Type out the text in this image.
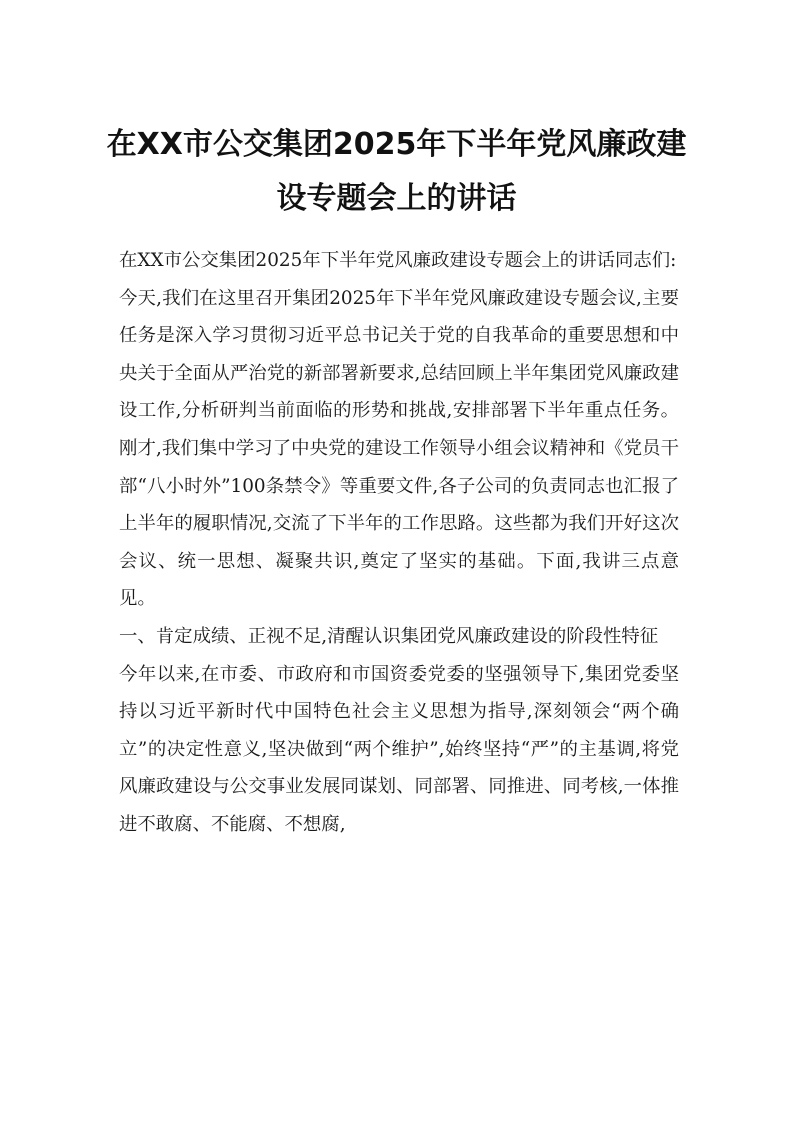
在XX市公交集团2025年下半年党风廉政建设专题会上的讲话

在XX市公交集团2025年下半年党风廉政建设专题会上的讲话同志们:

今天,我们在这里召开集团2025年下半年党风廉政建设专题会议,主要任务是深入学习贯彻习近平总书记关于党的自我革命的重要思想和中央关于全面从严治党的新部署新要求,总结回顾上半年集团党风廉政建设工作,分析研判当前面临的形势和挑战,安排部署下半年重点任务。刚才,我们集中学习了中央党的建设工作领导小组会议精神和《党员干部“八小时外”100条禁令》等重要文件,各子公司的负责同志也汇报了上半年的履职情况,交流了下半年的工作思路。这些都为我们开好这次会议、统一思想、凝聚共识,奠定了坚实的基础。下面,我讲三点意见。

一、肯定成绩、正视不足,清醒认识集团党风廉政建设的阶段性特征

今年以来,在市委、市政府和市国资委党委的坚强领导下,集团党委坚持以习近平新时代中国特色社会主义思想为指导,深刻领会“两个确立”的决定性意义,坚决做到“两个维护”,始终坚持“严”的主基调,将党风廉政建设与公交事业发展同谋划、同部署、同推进、同考核,一体推进不敢腐、不能腐、不想腐,
